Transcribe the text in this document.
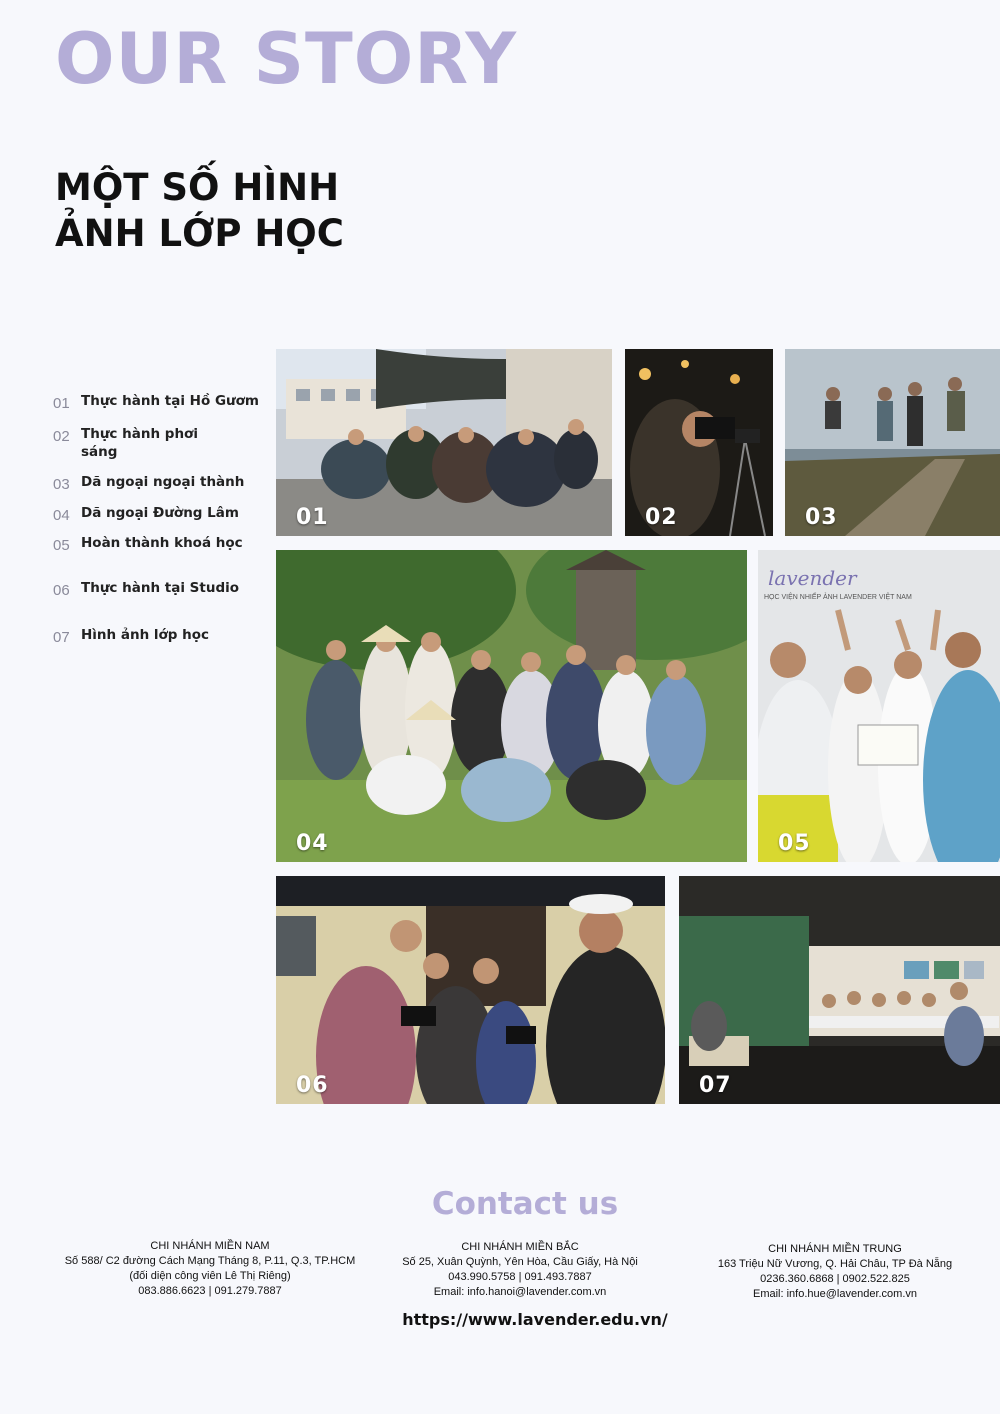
OUR STORY
MỘT SỐ HÌNH
ẢNH LỚP HỌC
01 Thực hành tại Hồ Gươm
02 Thực hành phơi sáng
03 Dã ngoại ngoại thành
04 Dã ngoại Đường Lâm
05 Hoàn thành khoá học
06 Thực hành tại Studio
07 Hình ảnh lớp học
01	02	03
04
lavender
HỌC VIỆN NHIẾP ẢNH LAVENDER VIỆT NAM
05
06	07
Contact us
CHI NHÁNH MIỀN NAM
Số 588/ C2 đường Cách Mạng Tháng 8, P.11, Q.3, TP.HCM
(đối diện công viên Lê Thị Riêng)
083.886.6623 | 091.279.7887
CHI NHÁNH MIỀN BẮC
Số 25, Xuân Quỳnh, Yên Hòa, Cầu Giấy, Hà Nội
043.990.5758 | 091.493.7887
Email: info.hanoi@lavender.com.vn
CHI NHÁNH MIỀN TRUNG
163 Triệu Nữ Vương, Q. Hải Châu, TP Đà Nẵng
0236.360.6868 | 0902.522.825
Email: info.hue@lavender.com.vn
https://www.lavender.edu.vn/
